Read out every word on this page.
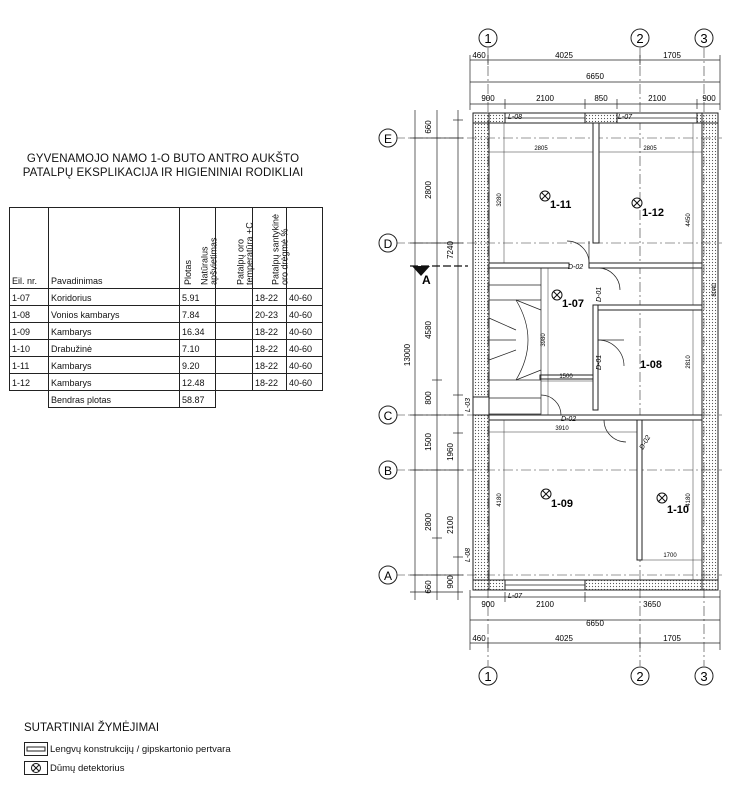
GYVENAMOJO NAMO 1-O BUTO ANTRO AUKŠTO
PATALPŲ EKSPLIKACIJA IR HIGIENINIAI RODIKLIAI
Eil. nr.	Pavadinimas	Plotas	Natūralus apšvietimas	Patalpų oro temperatūra +C	Patalpų santykinė oro drėgmė %

1-07	Koridorius	5.91		18-22	40-60
1-08	Vonios kambarys	7.84		20-23	40-60
1-09	Kambarys	16.34		18-22	40-60
1-10	Drabužinė	7.10		18-22	40-60
1-11	Kambarys	9.20		18-22	40-60
1-12	Kambarys	12.48		18-22	40-60
	Bendras plotas	58.87			
1	2	3
1	2	3
E
D
C
B
A
460	4025	1705
6650
900	2100	850	2100	900
900	2100	3650
6650
460	4025	1705
2800
7240
4580
13000
800
1500
1960
2800 2100
660
660 900
2805	2805
3280
4450
3980
2810
1500
3910
4180	4180
1700
8040
1-11
1-12
1-07
1-08
1-09	1-10
D-02
D-01
D-01
D-02
D-02
L-08	L-07
L-03
L-08
L-07
A
SUTARTINIAI ŽYMĖJIMAI
Lengvų konstrukcijų / gipskartonio pertvara
Dūmų detektorius
